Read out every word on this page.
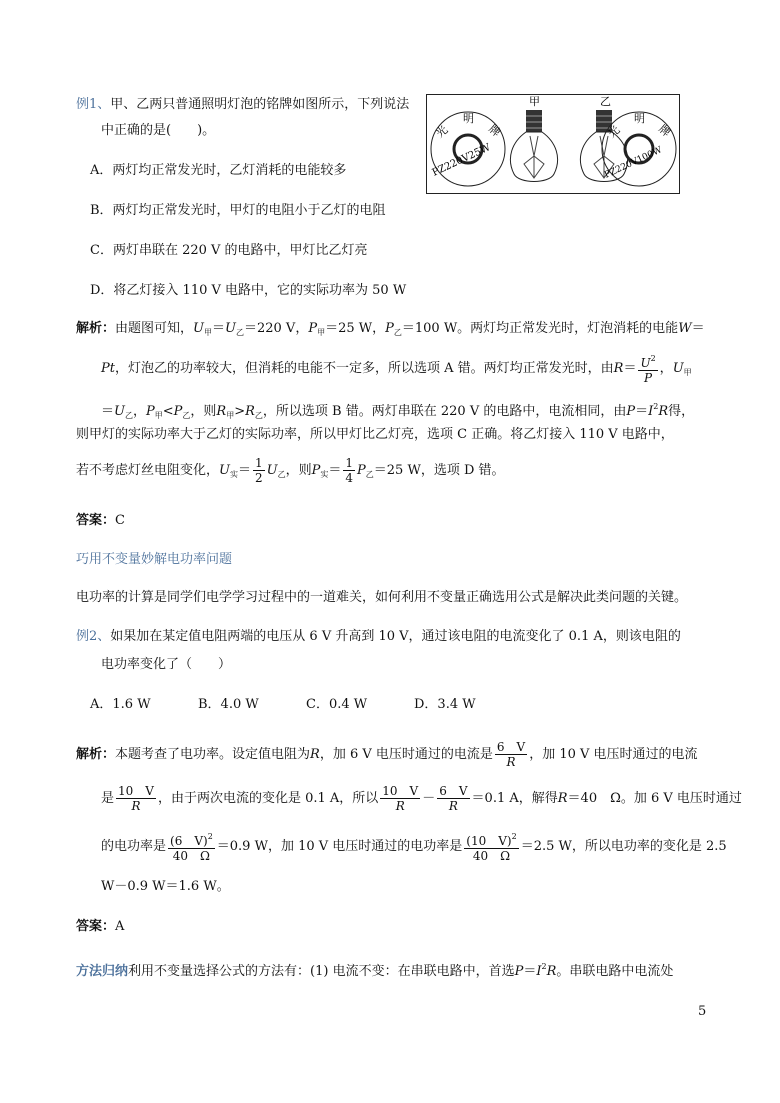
例1、甲、乙两只普通照明灯泡的铭牌如图所示，下列说法
中正确的是(　　)。	光
明
牌
PZ220V25W
甲	乙
光
明
牌
PZ220V100W
A．两灯均正常发光时，乙灯消耗的电能较多
B．两灯均正常发光时，甲灯的电阻小于乙灯的电阻
C．两灯串联在 220 V 的电路中，甲灯比乙灯亮
D．将乙灯接入 110 V 电路中，它的实际功率为 50 W
解析：由题图可知，$U_甲=U_乙=220$ V，$P_甲=25$ W，$P_乙=100$ W。两灯均正常发光时，灯泡消耗的电能W＝
Pt，灯泡乙的功率较大，但消耗的电能不一定多，所以选项 A 错。两灯均正常发光时，由$R= \frac{U^2}{P}$ ，$U_甲$
$=U_乙$，$P_甲<P_乙$，则$R_甲>R_乙$，所以选项 B 错。两灯串联在 220 V 的电路中，电流相同，由$P=I^2R$得，
则甲灯的实际功率大于乙灯的实际功率，所以甲灯比乙灯亮，选项 C 正确。将乙灯接入 110 V 电路中，
若不考虑灯丝电阻变化，$U_实= \frac{1}{2} U_乙$，则$P_实= \frac{1}{4} P_乙=25$ W，选项 D 错。
答案：C
巧用不变量妙解电功率问题
电功率的计算是同学们电学学习过程中的一道难关，如何利用不变量正确选用公式是解决此类问题的关键。
例2、如果加在某定值电阻两端的电压从 6 V 升高到 10 V，通过该电阻的电流变化了 0.1 A，则该电阻的
电功率变化了（　　）
A．1.6 W	B．4.0 W	C．0.4 W	D．3.4 W
解析：本题考查了电功率。设定值电阻为R，加 6 V 电压时通过的电流是 $\frac{6 V}{R}$ ，加 10 V 电压时通过的电流
是 $\frac{10 V}{R}$ ，由于两次电流的变化是 0.1 A，所以 $\frac{10 V}{R} - \frac{6 V}{R} =0.1$ A，解得R＝40　Ω。加 6 V 电压时通过
的电功率是 $\frac{(6 V)^2}{40 \Omega} =0.9$ W，加 10 V 电压时通过的电功率是 $\frac{(10 V)^2}{40 \Omega} =2.5$ W，所以电功率的变化是 2.5
W－0.9 W＝1.6 W。
答案：A
方法归纳利用不变量选择公式的方法有：(1) 电流不变：在串联电路中，首选$P=I^2R$。串联电路中电流处
5
